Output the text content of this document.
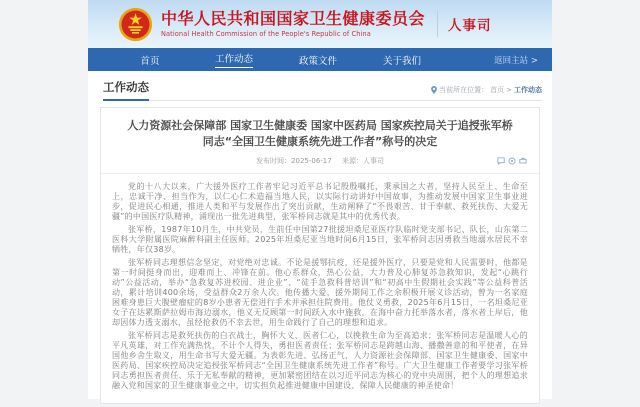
中华人民共和国国家卫生健康委员会
National Health Commission of the People's Republic of China	人事司
首页	工作动态	政策文件	关于我们	返回主站 >
工作动态	当前所在位置： 首页 > 工作动态
人力资源社会保障部 国家卫生健康委 国家中医药局 国家疾控局关于追授张军桥同志“全国卫生健康系统先进工作者”称号的决定
发布时间：2025-06-17 来源：人事司

党的十八大以来，广大援外医疗工作者牢记习近平总书记殷殷嘱托，秉承国之大者，坚持人民至上、生命至上，忠诚干净、担当作为，以仁心仁术造福当地人民，以实际行动讲好中国故事，为推动发展中国家卫生事业进步，促进民心相通，推进人类和平与发展作出了突出贡献，生动阐释了“不畏艰苦、甘于奉献、救死扶伤、大爱无疆”的中国医疗队精神，涌现出一批先进典型，张军桥同志就是其中的优秀代表。

张军桥，1987年10月生，中共党员，生前任中国第27批援坦桑尼亚医疗队临时党支部书记、队长，山东第二医科大学附属医院麻醉科副主任医师。2025年坦桑尼亚当地时间6月15日，张军桥同志因勇救当地溺水居民不幸牺牲，年仅38岁。

张军桥同志理想信念坚定，对党绝对忠诚。不论是援鄂抗疫，还是援外医疗，只要是党和人民需要时，他都是第一时间挺身而出，迎难而上、冲锋在前。他心系群众，热心公益，大力普及心肺复苏急救知识，发起“心跳行动”公益活动，举办“急救复苏进校园、进企业”、“徒手急救科普培训”和“初高中生假期社会实践”等公益科普活动，累计培训400余场，受益群众2万余人次。他传播大爱，援外期间工作之余积极开展义诊活动，曾为一名家庭困难身患巨大腹壁瘤症的8岁小患者无偿进行手术并承担住院费用。他仗义勇救，2025年6月15日，一名坦桑尼亚女子在达累斯萨拉姆市海边溺水，他义无反顾第一时间跃入水中施救，在海中奋力托举落水者，落水者上岸后，他却因体力透支溺水，虽经抢救仍不幸去世，用生命践行了自己的理想和追求。

张军桥同志是救死扶伤的白衣战士，胸怀大义、医者仁心，以挽救生命为至高追求；张军桥同志是温暖人心的平凡英雄，对工作充满热忱，不计个人得失，勇担医者责任；张军桥同志是跨越山海、播撒善意的和平使者，在异国他乡舍生取义，用生命书写大爱无疆。为表彰先进、弘扬正气，人力资源社会保障部、国家卫生健康委、国家中医药局、国家疾控局决定追授张军桥同志“全国卫生健康系统先进工作者”称号。广大卫生健康工作者要学习张军桥同志勇担医者责任、乐于无私奉献的精神，更加紧密团结在以习近平同志为核心的党中央周围，把个人的理想追求融入党和国家的卫生健康事业之中，切实担负起推进健康中国建设、保障人民健康的神圣使命！
